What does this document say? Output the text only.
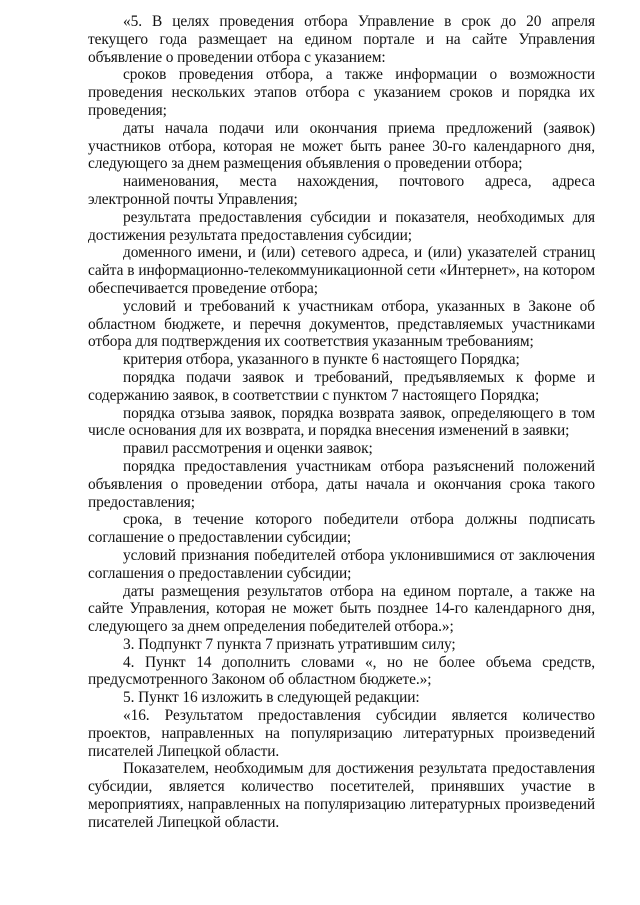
«5. В целях проведения отбора Управление в срок до 20 апреля текущего года размещает на едином портале и на сайте Управления объявление о проведении отбора с указанием:

сроков проведения отбора, а также информации о возможности проведения нескольких этапов отбора с указанием сроков и порядка их проведения;

даты начала подачи или окончания приема предложений (заявок) участников отбора, которая не может быть ранее 30-го календарного дня, следующего за днем размещения объявления о проведении отбора;

наименования, места нахождения, почтового адреса, адреса электронной почты Управления;

результата предоставления субсидии и показателя, необходимых для достижения результата предоставления субсидии;

доменного имени, и (или) сетевого адреса, и (или) указателей страниц сайта в информационно-телекоммуникационной сети «Интернет», на котором обеспечивается проведение отбора;

условий и требований к участникам отбора, указанных в Законе об областном бюджете, и перечня документов, представляемых участниками отбора для подтверждения их соответствия указанным требованиям;

критерия отбора, указанного в пункте 6 настоящего Порядка;

порядка подачи заявок и требований, предъявляемых к форме и содержанию заявок, в соответствии с пунктом 7 настоящего Порядка;

порядка отзыва заявок, порядка возврата заявок, определяющего в том числе основания для их возврата, и порядка внесения изменений в заявки;

правил рассмотрения и оценки заявок;

порядка предоставления участникам отбора разъяснений положений объявления о проведении отбора, даты начала и окончания срока такого предоставления;

срока, в течение которого победители отбора должны подписать соглашение о предоставлении субсидии;

условий признания победителей отбора уклонившимися от заключения соглашения о предоставлении субсидии;

даты размещения результатов отбора на едином портале, а также на сайте Управления, которая не может быть позднее 14-го календарного дня, следующего за днем определения победителей отбора.»;

3. Подпункт 7 пункта 7 признать утратившим силу;

4. Пункт 14 дополнить словами «, но не более объема средств, предусмотренного Законом об областном бюджете.»;

5. Пункт 16 изложить в следующей редакции:

«16. Результатом предоставления субсидии является количество проектов, направленных на популяризацию литературных произведений писателей Липецкой области.

Показателем, необходимым для достижения результата предоставления субсидии, является количество посетителей, принявших участие в мероприятиях, направленных на популяризацию литературных произведений писателей Липецкой области.
